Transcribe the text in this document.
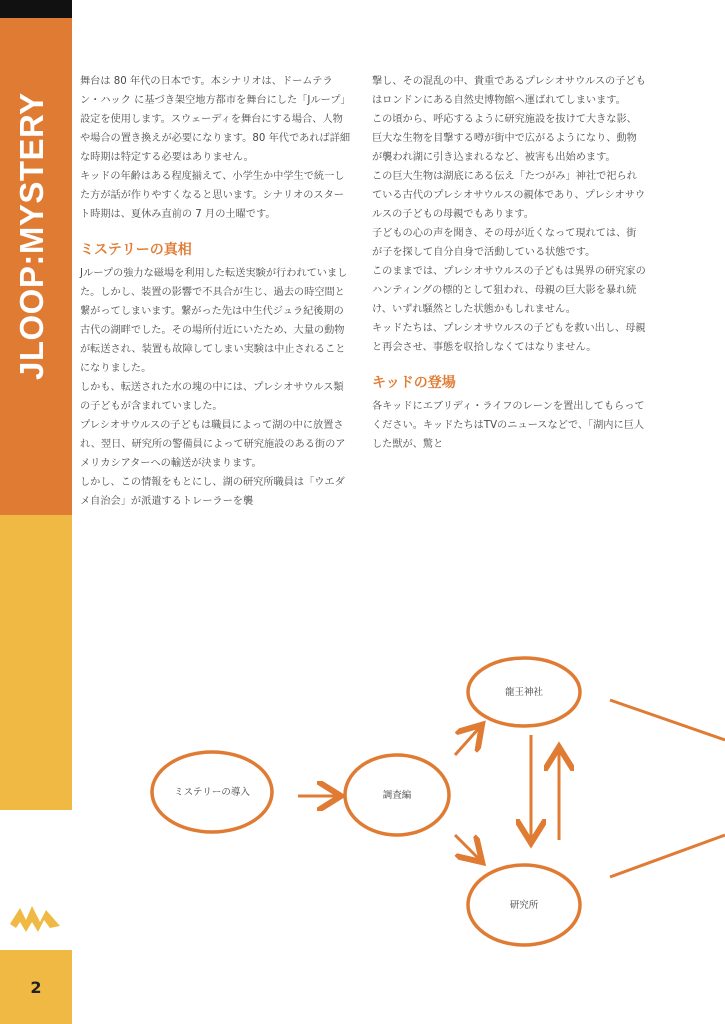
JLOOP:MYSTERY
2

舞台は 80 年代の日本です。本シナリオは、ドームテラン・ハック に基づき架空地方都市を舞台にした「Jループ」設定を使用します。スウェーディを舞台にする場合、人物や場合の置き換えが必要になります。80 年代であれば詳細な時期は特定する必要はありません。

キッドの年齢はある程度揃えて、小学生か中学生で統一した方が話が作りやすくなると思います。シナリオのスタート時期は、夏休み直前の 7 月の土曜です。

ミステリーの真相

Jループの強力な磁場を利用した転送実験が行われていました。しかし、装置の影響で不具合が生じ、過去の時空間と繋がってしまいます。繋がった先は中生代ジュラ紀後期の古代の湖畔でした。その場所付近にいたため、大量の動物が転送され、装置も故障してしまい実験は中止されることになりました。

しかも、転送された水の塊の中には、プレシオサウルス類の子どもが含まれていました。

プレシオサウルスの子どもは職員によって湖の中に放置され、翌日、研究所の警備員によって研究施設のある街のアメリカシアターへの輸送が決まります。

しかし、この情報をもとにし、湖の研究所職員は「ウエダメ自治会」が派遣するトレーラーを襲

撃し、その混乱の中、貴重であるプレシオサウルスの子どもはロンドンにある自然史博物館へ運ばれてしまいます。

この頃から、呼応するように研究施設を抜けて大きな影、巨大な生物を目撃する噂が街中で広がるようになり、動物が襲われ湖に引き込まれるなど、被害も出始めます。

この巨大生物は湖底にある伝え「たつがみ」神社で祀られている古代のプレシオサウルスの親体であり、プレシオサウルスの子どもの母親でもあります。

子どもの心の声を聞き、その母が近くなって現れては、街が子を探して自分自身で活動している状態です。

このままでは、プレシオサウルスの子どもは異界の研究家のハンティングの標的として狙われ、母親の巨大影を暴れ続け、いずれ騒然とした状態かもしれません。

キッドたちは、プレシオサウルスの子どもを救い出し、母親と再会させ、事態を収拾しなくてはなりません。

キッドの登場

各キッドにエブリディ・ライフのレーンを置出してもらってください。キッドたちはTVのニュースなどで、「湖内に巨人した獣が、驚と

ミステリーの導入	調査編
龍王神社
研究所
